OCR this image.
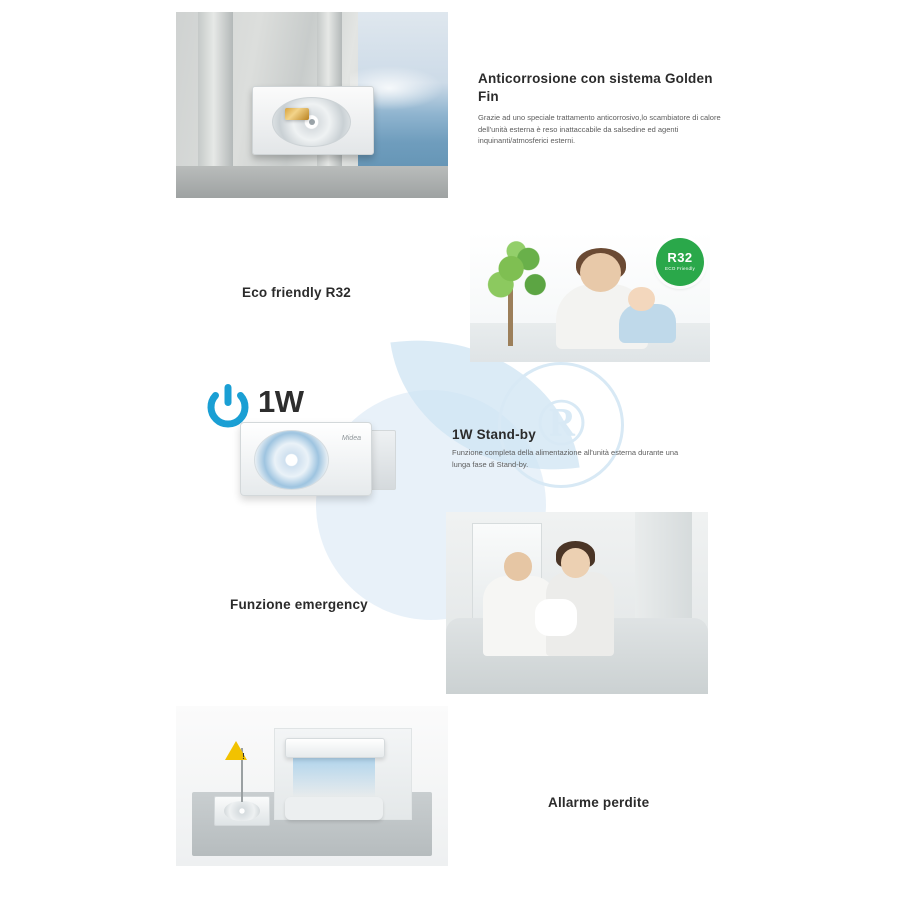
®
Anticorrosione con sistema Golden Fin
Grazie ad uno speciale trattamento anticorrosivo,lo scambiatore di calore dell'unità esterna è reso inattaccabile da salsedine ed agenti inquinanti/atmosferici esterni.
R32
ECO Friendly
Eco friendly R32
1W
Midea	1W Stand-by
Funzione completa della alimentazione all'unità esterna durante una lunga fase di Stand-by.
Funzione emergency
!
Allarme perdite
